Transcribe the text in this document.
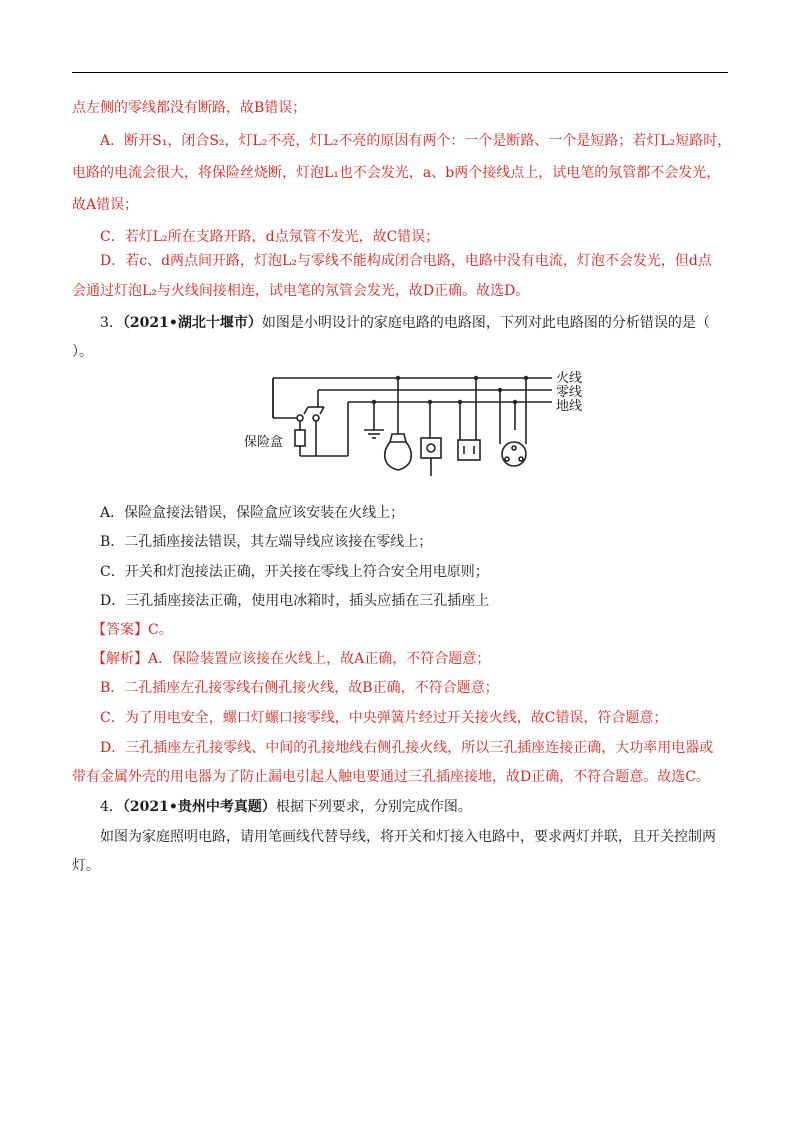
点左侧的零线都没有断路，故B错误；
A．断开S₁，闭合S₂，灯L₂不亮，灯L₂不亮的原因有两个：一个是断路、一个是短路；若灯L₂短路时，
电路的电流会很大，将保险丝烧断，灯泡L₁也不会发光，a、b两个接线点上，试电笔的氖管都不会发光，
故A错误；
C．若灯L₂所在支路开路，d点氖管不发光，故C错误；
D．若c、d两点间开路，灯泡L₂与零线不能构成闭合电路，电路中没有电流，灯泡不会发光，但d点
会通过灯泡L₂与火线间接相连，试电笔的氖管会发光，故D正确。故选D。
3．（2021•湖北十堰市）如图是小明设计的家庭电路的电路图，下列对此电路图的分析错误的是（
）。
火线
零线
地线
保险盒
A．保险盒接法错误，保险盒应该安装在火线上；
B．二孔插座接法错误，其左端导线应该接在零线上；
C．开关和灯泡接法正确，开关接在零线上符合安全用电原则；
D．三孔插座接法正确，使用电冰箱时，插头应插在三孔插座上
【答案】C。
【解析】A．保险装置应该接在火线上，故A正确，不符合题意；
B．二孔插座左孔接零线右侧孔接火线，故B正确，不符合题意；
C．为了用电安全，螺口灯螺口接零线，中央弹簧片经过开关接火线，故C错误，符合题意；
D．三孔插座左孔接零线、中间的孔接地线右侧孔接火线，所以三孔插座连接正确，大功率用电器或
带有金属外壳的用电器为了防止漏电引起人触电要通过三孔插座接地，故D正确，不符合题意。故选C。
4．（2021•贵州中考真题）根据下列要求，分别完成作图。
如图为家庭照明电路，请用笔画线代替导线，将开关和灯接入电路中，要求两灯并联，且开关控制两
灯。
